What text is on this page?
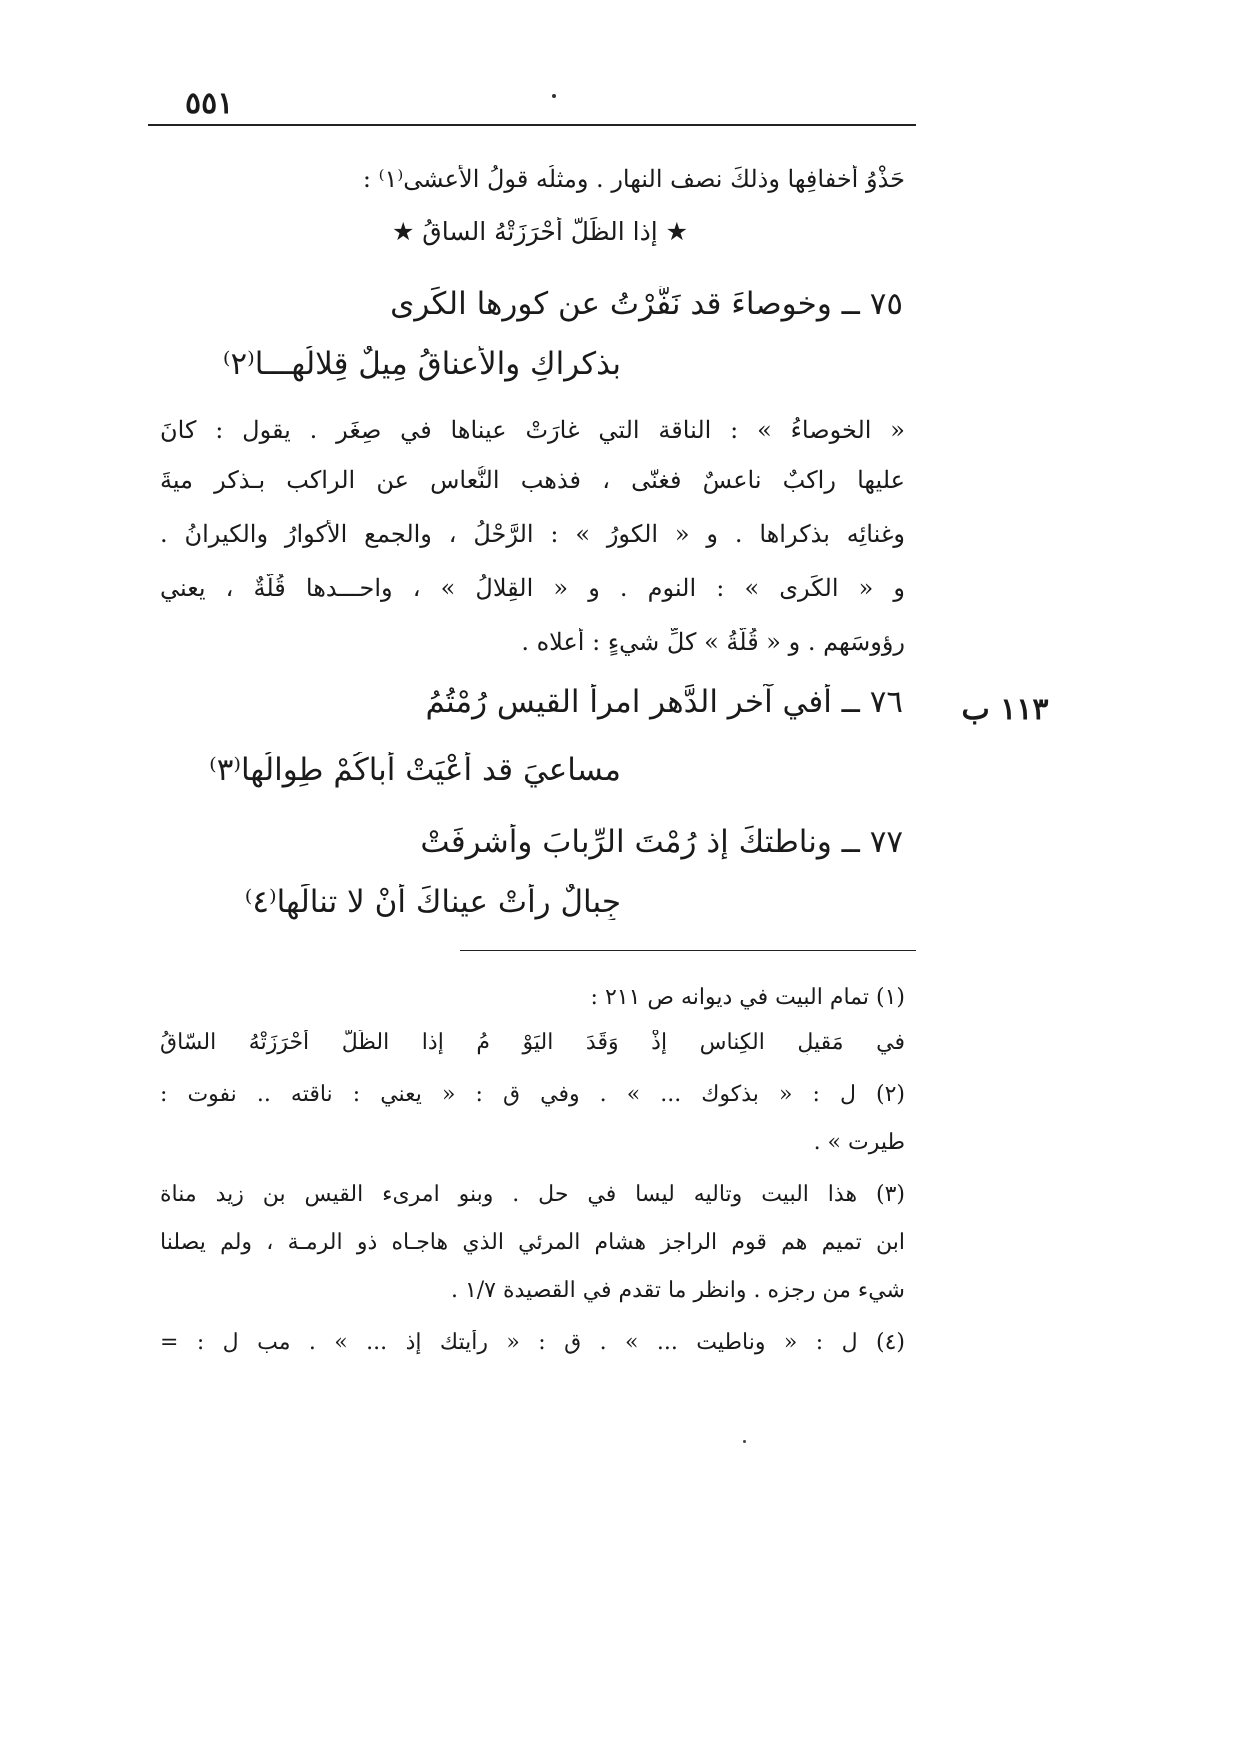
٥٥١
حَذْوُ أخفافِها وذلكَ نصف النهار . ومثلُه قولُ الأعشى⁽١⁾ :
★ إذا الظِّلُّ أحْرَزَتْهُ الساقُ ★
٧٥ ــ وخوصاءَ قد نَفَّرْتُ عن كورِها الكَرى
بذكراكِ والأَعناقُ مِيلٌ قِلالُهـــا⁽٢⁾
« الخوصاءُ » : الناقة التي غارَتْ عيناها في صِغَرٍ . يقول : كانَ
عليها راكبٌ ناعسٌ فغنّى ، فذهب النُّعاس عن الراكب بـذكرِ ميةَ
وغنائِه بذكراها . و « الكورُ » : الرَّحْلُ ، والجمع الأكوارُ والكيرانُ .
و « الكَرى » : النوم . و « القِلالُ » ، واحـــدها قُلَّةٌ ، يعني
رؤوسَهم . و « قُلَّةُ » كلِّ شيءٍ : أعلاه .
١١٣ ب
٧٦ ــ أَفي آخرِ الدَّهرِ امرأَ القيسِ رُمْتُمُ
مساعيَ قد أعْيَتْ أباكُمْ طِوالُها⁽٣⁾
٧٧ ــ وناطتكَ إذ رُمْتَ الرِّبابَ وأشرفَتْ
جِبالٌ رأَتْ عيناكَ أنْ لا تنالَها⁽٤⁾
(١) تمام البيت في ديوانه ص ٢١١ :
في مَقيلِ الكِناسِ إذْ وَقَدَ اليَوْ مُ إذا الظِّلُّ أحْرَزَتْهُ السّاقُ
(٢) ل : « بذكوك ... » . وفي ق : « يعني : ناقته .. نفوت :
طيرت » .
(٣) هذا البيت وتاليه ليسا في حل . وبنو امرىء القيس بن زيد مناة
ابن تميم هم قوم الراجز هشام المرئي الذي هاجـاه ذو الرمـة ، ولم يصلنا
شيء من رجزه . وانظر ما تقدم في القصيدة ١/٧ .
(٤) ل : « وناطيت ... » . ق : « رأيتك إذ ... » . مب ل : =
